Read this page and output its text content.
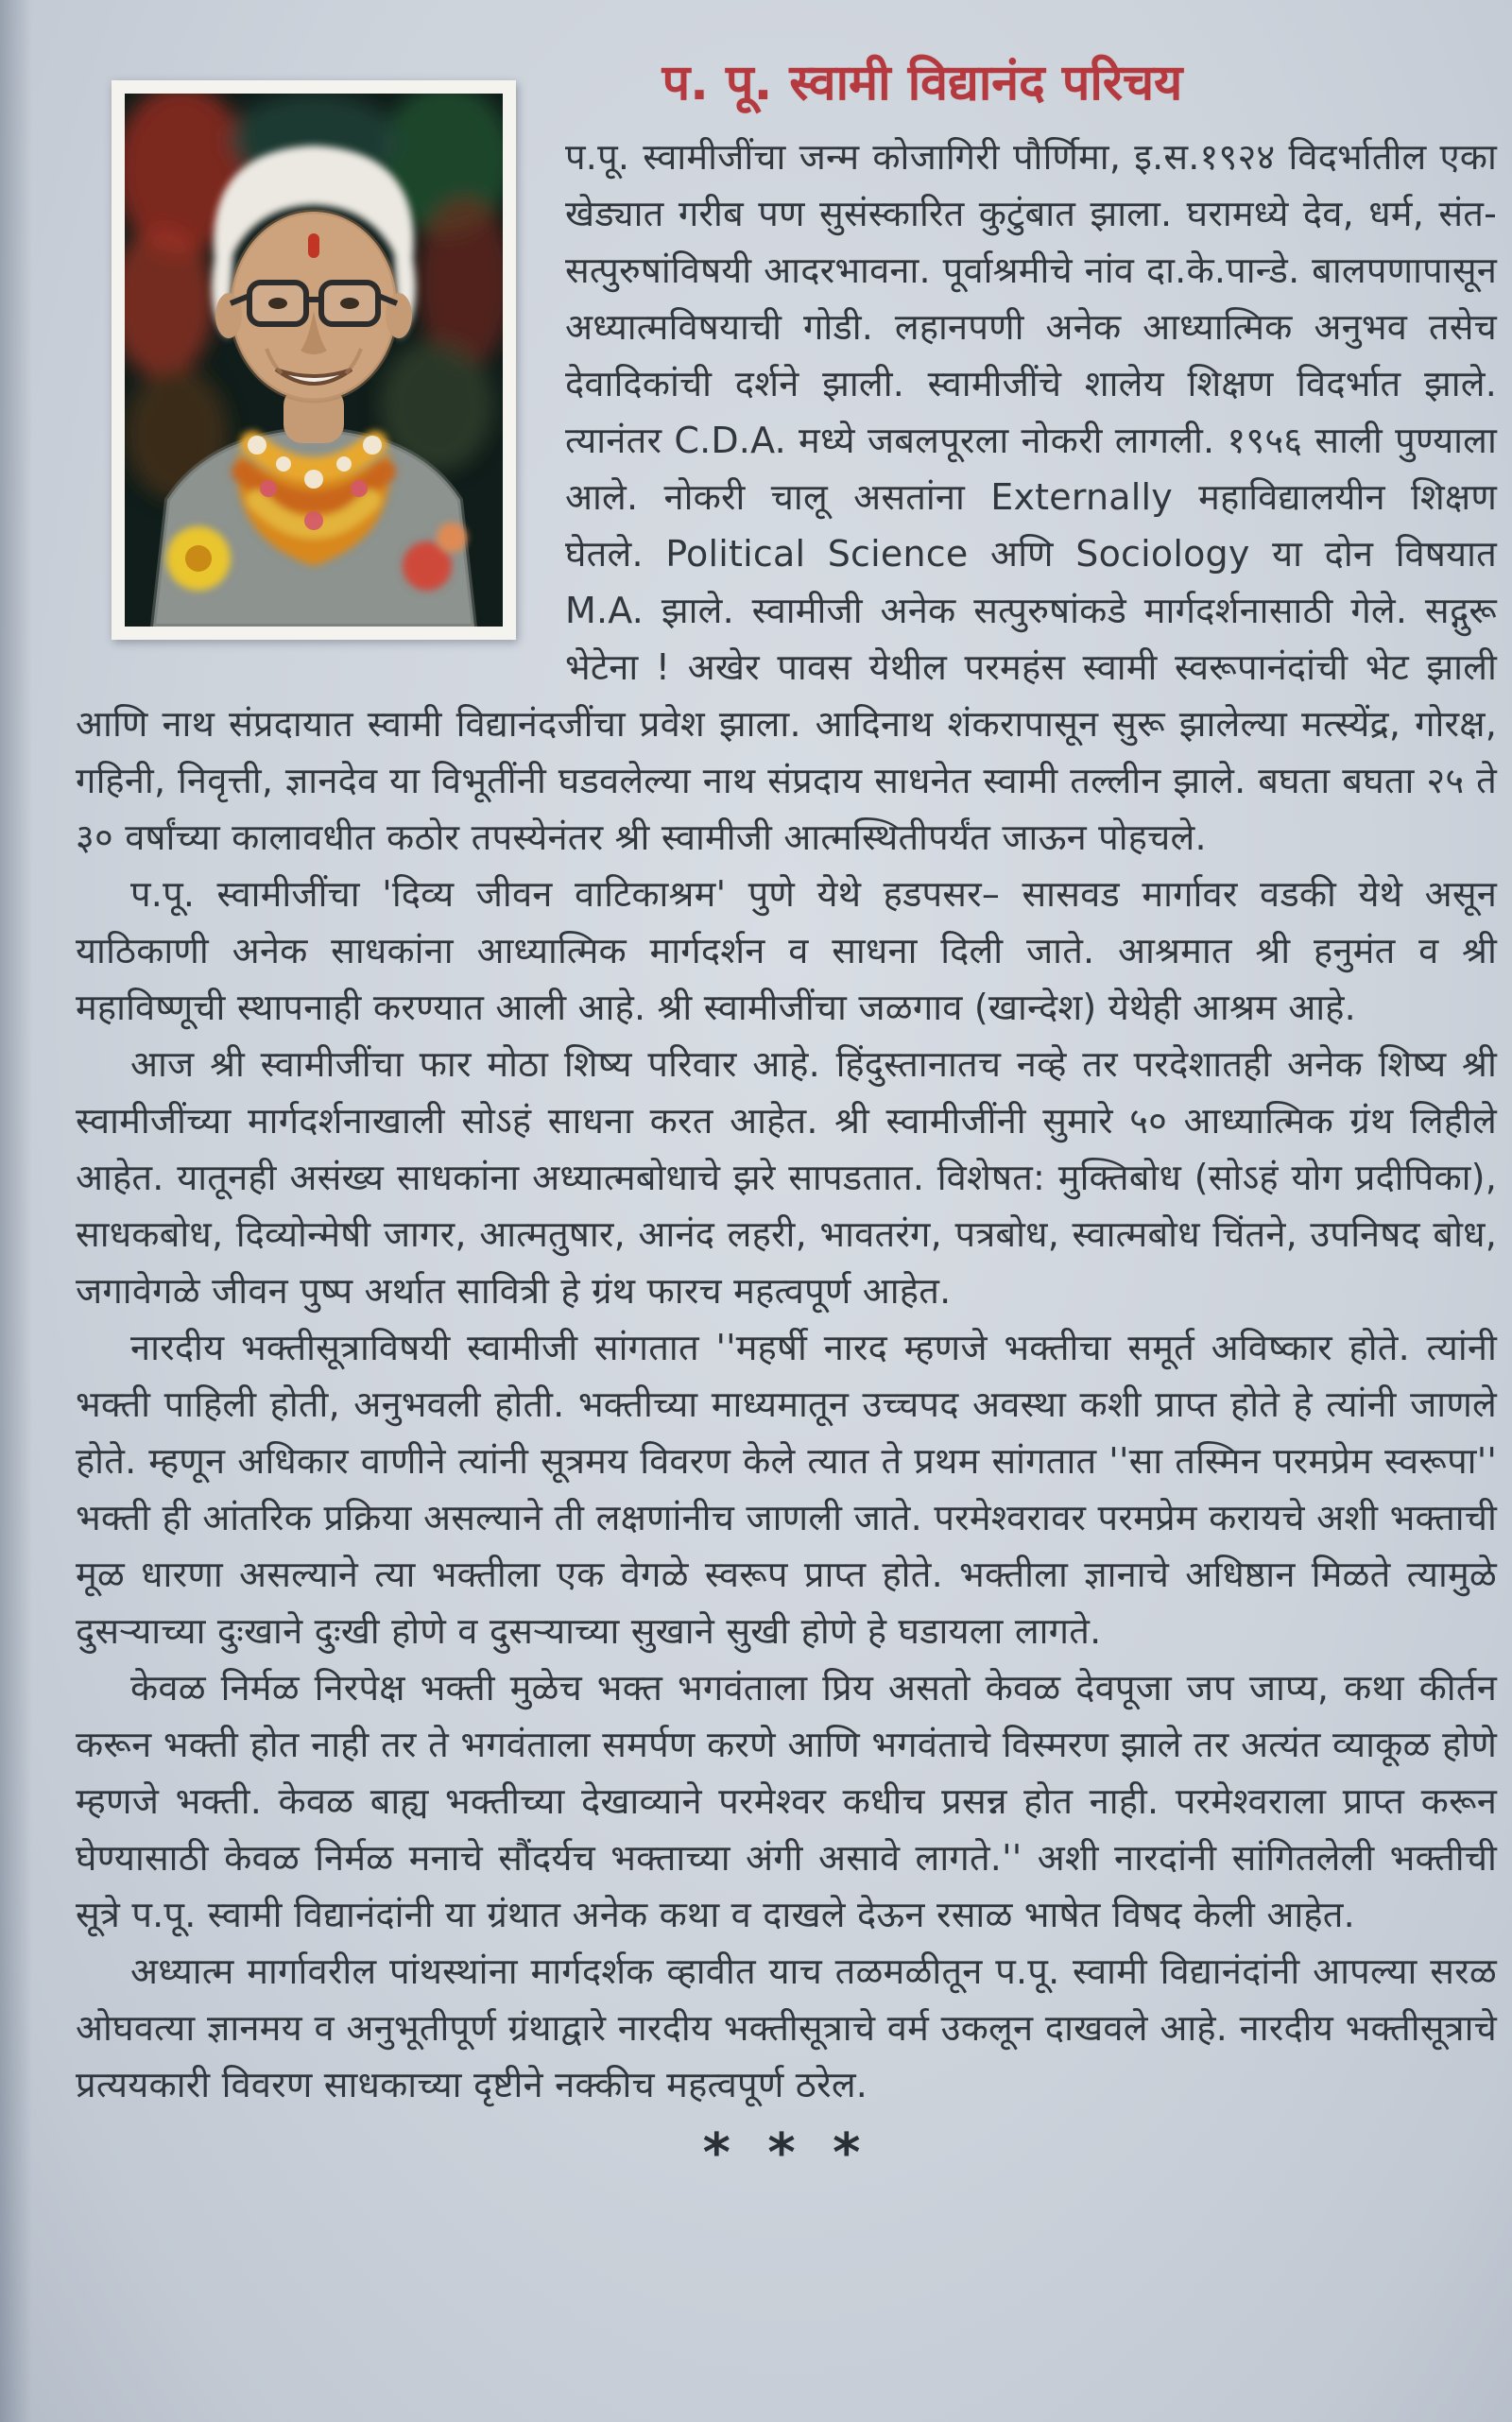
प. पू. स्वामी विद्यानंद परिचय

प.पू. स्वामीजींचा जन्म कोजागिरी पौर्णिमा, इ.स.१९२४ विदर्भातील एका खेड्यात गरीब पण सुसंस्कारित कुटुंबात झाला. घरामध्ये देव, धर्म, संत-सत्पुरुषांविषयी आदरभावना. पूर्वाश्रमीचे नांव दा.के.पान्डे. बालपणापासून अध्यात्मविषयाची गोडी. लहानपणी अनेक आध्यात्मिक अनुभव तसेच देवादिकांची दर्शने झाली. स्वामीजींचे शालेय शिक्षण विदर्भात झाले. त्यानंतर C.D.A. मध्ये जबलपूरला नोकरी लागली. १९५६ साली पुण्याला आले. नोकरी चालू असतांना Externally महाविद्यालयीन शिक्षण घेतले. Political Science अणि Sociology या दोन विषयात M.A. झाले. स्वामीजी अनेक सत्पुरुषांकडे मार्गदर्शनासाठी गेले. सद्गुरू भेटेना ! अखेर पावस येथील परमहंस स्वामी स्वरूपानंदांची भेट झाली आणि नाथ संप्रदायात स्वामी विद्यानंदजींचा प्रवेश झाला. आदिनाथ शंकरापासून सुरू झालेल्या मत्स्येंद्र, गोरक्ष, गहिनी, निवृत्ती, ज्ञानदेव या विभूतींनी घडवलेल्या नाथ संप्रदाय साधनेत स्वामी तल्लीन झाले. बघता बघता २५ ते ३० वर्षांच्या कालावधीत कठोर तपस्येनंतर श्री स्वामीजी आत्मस्थितीपर्यंत जाऊन पोहचले.

प.पू. स्वामीजींचा 'दिव्य जीवन वाटिकाश्रम' पुणे येथे हडपसर– सासवड मार्गावर वडकी येथे असून याठिकाणी अनेक साधकांना आध्यात्मिक मार्गदर्शन व साधना दिली जाते. आश्रमात श्री हनुमंत व श्री महाविष्णूची स्थापनाही करण्यात आली आहे. श्री स्वामीजींचा जळगाव (खान्देश) येथेही आश्रम आहे.

आज श्री स्वामीजींचा फार मोठा शिष्य परिवार आहे. हिंदुस्तानातच नव्हे तर परदेशातही अनेक शिष्य श्री स्वामीजींच्या मार्गदर्शनाखाली सोऽहं साधना करत आहेत. श्री स्वामीजींनी सुमारे ५० आध्यात्मिक ग्रंथ लिहीले आहेत. यातूनही असंख्य साधकांना अध्यात्मबोधाचे झरे सापडतात. विशेषत: मुक्तिबोध (सोऽहं योग प्रदीपिका), साधकबोध, दिव्योन्मेषी जागर, आत्मतुषार, आनंद लहरी, भावतरंग, पत्रबोध, स्वात्मबोध चिंतने, उपनिषद बोध, जगावेगळे जीवन पुष्प अर्थात सावित्री हे ग्रंथ फारच महत्वपूर्ण आहेत.

नारदीय भक्तीसूत्राविषयी स्वामीजी सांगतात ''महर्षी नारद म्हणजे भक्तीचा समूर्त अविष्कार होते. त्यांनी भक्ती पाहिली होती, अनुभवली होती. भक्तीच्या माध्यमातून उच्चपद अवस्था कशी प्राप्त होते हे त्यांनी जाणले होते. म्हणून अधिकार वाणीने त्यांनी सूत्रमय विवरण केले त्यात ते प्रथम सांगतात ''सा तस्मिन परमप्रेम स्वरूपा'' भक्ती ही आंतरिक प्रक्रिया असल्याने ती लक्षणांनीच जाणली जाते. परमेश्वरावर परमप्रेम करायचे अशी भक्ताची मूळ धारणा असल्याने त्या भक्तीला एक वेगळे स्वरूप प्राप्त होते. भक्तीला ज्ञानाचे अधिष्ठान मिळते त्यामुळे दुसऱ्याच्या दुःखाने दुःखी होणे व दुसऱ्याच्या सुखाने सुखी होणे हे घडायला लागते.

केवळ निर्मळ निरपेक्ष भक्ती मुळेच भक्त भगवंताला प्रिय असतो केवळ देवपूजा जप जाप्य, कथा कीर्तन करून भक्ती होत नाही तर ते भगवंताला समर्पण करणे आणि भगवंताचे विस्मरण झाले तर अत्यंत व्याकूळ होणे म्हणजे भक्ती. केवळ बाह्य भक्तीच्या देखाव्याने परमेश्वर कधीच प्रसन्न होत नाही. परमेश्वराला प्राप्त करून घेण्यासाठी केवळ निर्मळ मनाचे सौंदर्यच भक्ताच्या अंगी असावे लागते.'' अशी नारदांनी सांगितलेली भक्तीची सूत्रे प.पू. स्वामी विद्यानंदांनी या ग्रंथात अनेक कथा व दाखले देऊन रसाळ भाषेत विषद केली आहेत.

अध्यात्म मार्गावरील पांथस्थांना मार्गदर्शक व्हावीत याच तळमळीतून प.पू. स्वामी विद्यानंदांनी आपल्या सरळ ओघवत्या ज्ञानमय व अनुभूतीपूर्ण ग्रंथाद्वारे नारदीय भक्तीसूत्राचे वर्म उकलून दाखवले आहे. नारदीय भक्तीसूत्राचे प्रत्ययकारी विवरण साधकाच्या दृष्टीने नक्कीच महत्वपूर्ण ठरेल.

* * *
